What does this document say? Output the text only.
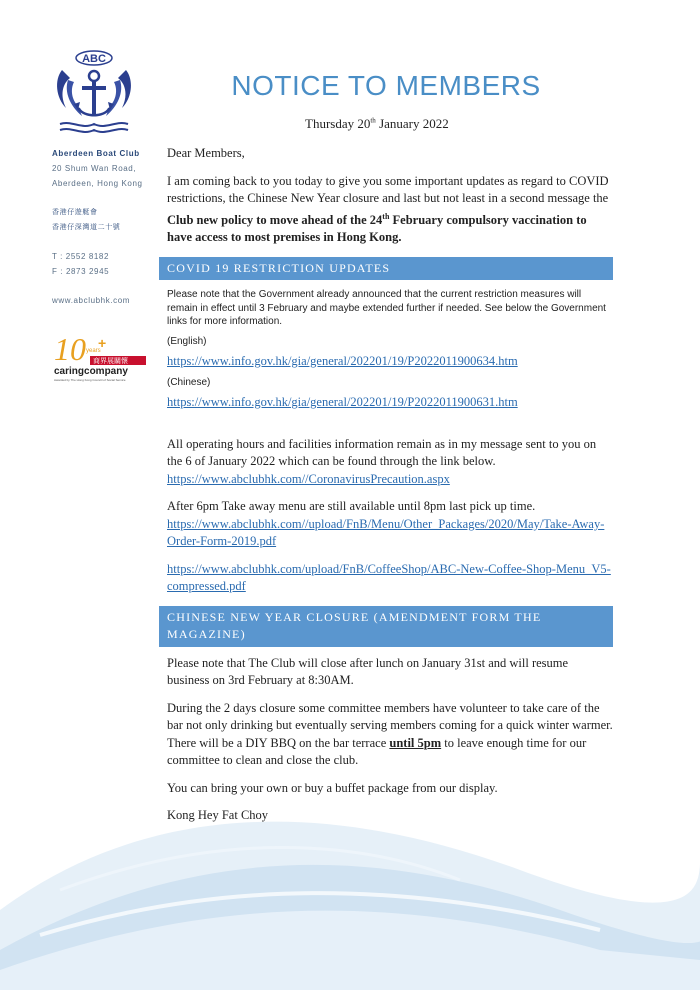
ABC
NOTICE TO MEMBERS
Thursday 20th January 2022
Aberdeen Boat Club
20 Shum Wan Road,
Aberdeen, Hong Kong
香港仔遊艇會
香港仔深灣道二十號
T : 2552 8182
F : 2873 2945
www.abclubhk.com
10 years
+
商界展關懷
caringcompany
Awarded by The Hong Kong Council of Social Service

Dear Members,

I am coming back to you today to give you some important updates as regard to COVID restrictions, the Chinese New Year closure and last but not least in a second message the Club new policy to move ahead of the 24th February compulsory vaccination to have access to most premises in Hong Kong.

COVID 19 RESTRICTION UPDATES

Please note that the Government already announced that the current restriction measures will remain in effect until 3 February and maybe extended further if needed. See below the Government links for more information.

(English)

https://www.info.gov.hk/gia/general/202201/19/P2022011900634.htm

(Chinese)

https://www.info.gov.hk/gia/general/202201/19/P2022011900631.htm

All operating hours and facilities information remain as in my message sent to you on the 6 of January 2022 which can be found through the link below.
https://www.abclubhk.com//CoronavirusPrecaution.aspx

After 6pm Take away menu are still available until 8pm last pick up time.
https://www.abclubhk.com//upload/FnB/Menu/Other_Packages/2020/May/Take-Away-Order-Form-2019.pdf

https://www.abclubhk.com/upload/FnB/CoffeeShop/ABC-New-Coffee-Shop-Menu_V5-compressed.pdf

CHINESE NEW YEAR CLOSURE (AMENDMENT FORM THE MAGAZINE)

Please note that The Club will close after lunch on January 31st and will resume business on 3rd February at 8:30AM.

During the 2 days closure some committee members have volunteer to take care of the bar not only drinking but eventually serving members coming for a quick winter warmer. There will be a DIY BBQ on the bar terrace until 5pm to leave enough time for our committee to clean and close the club.

You can bring your own or buy a buffet package from our display.

Kong Hey Fat Choy
